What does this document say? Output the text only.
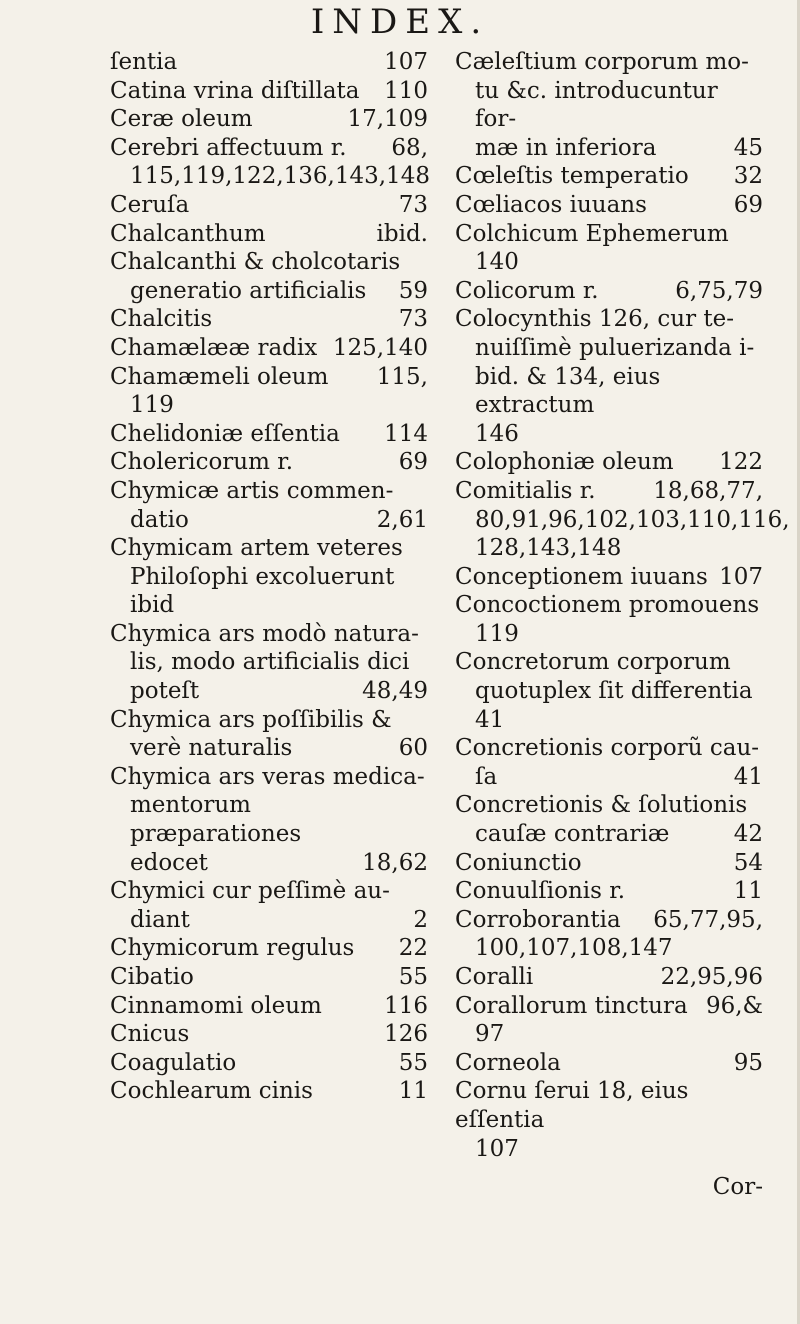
INDEX.
ſentia	107
Catina vrina diſtillata 110
Ceræ oleum	17,109
Cerebri affectuum r. 68,
115,119,122,136,143,148
Ceruſa	73
Chalcanthum	ibid.
Chalcanthi & cholcotaris
generatio artificialis	59
Chalcitis	73
Chamælææ radix 125,140
Chamæmeli oleum 115,
119
Chelidoniæ eſſentia 114
Cholericorum r.	69
Chymicæ artis commen-
datio	2,61
Chymicam artem veteres
Philoſophi excoluerunt
ibid
Chymica ars modò natura-
lis, modo artificialis dici
poteſt	48,49
Chymica ars poſſibilis &
verè naturalis	60
Chymica ars veras medica-
mentorum præparationes
edocet	18,62
Chymici cur peſſimè au-
diant	2
Chymicorum regulus 22
Cibatio	55
Cinnamomi oleum	116
Cnicus	126
Coagulatio	55
Cochlearum cinis	11
Cæleſtium corporum mo-
tu &c. introducuntur for-
mæ in inferiora	45
Cœleſtis temperatio 32
Cœliacos iuuans	69
Colchicum Ephemerum
140
Colicorum r.	6,75,79
Colocynthis 126, cur te-
nuiſſimè puluerizanda i-
bid. & 134, eius extractum
146
Colophoniæ oleum 122
Comitialis r.	18,68,77,
80,91,96,102,103,110,116,
128,143,148
Conceptionem iuuans 107
Concoctionem promouens
119
Concretorum corporum
quotuplex ſit differentia
41
Concretionis corporũ cau-
ſa	41
Concretionis & ſolutionis
cauſæ contrariæ	42
Coniunctio	54
Conuulſionis r.	11
Corroborantia 65,77,95,
100,107,108,147
Coralli	22,95,96
Corallorum tinctura 96,&
97
Corneola	95
Cornu ſerui 18, eius eſſentia
107
Cor-
